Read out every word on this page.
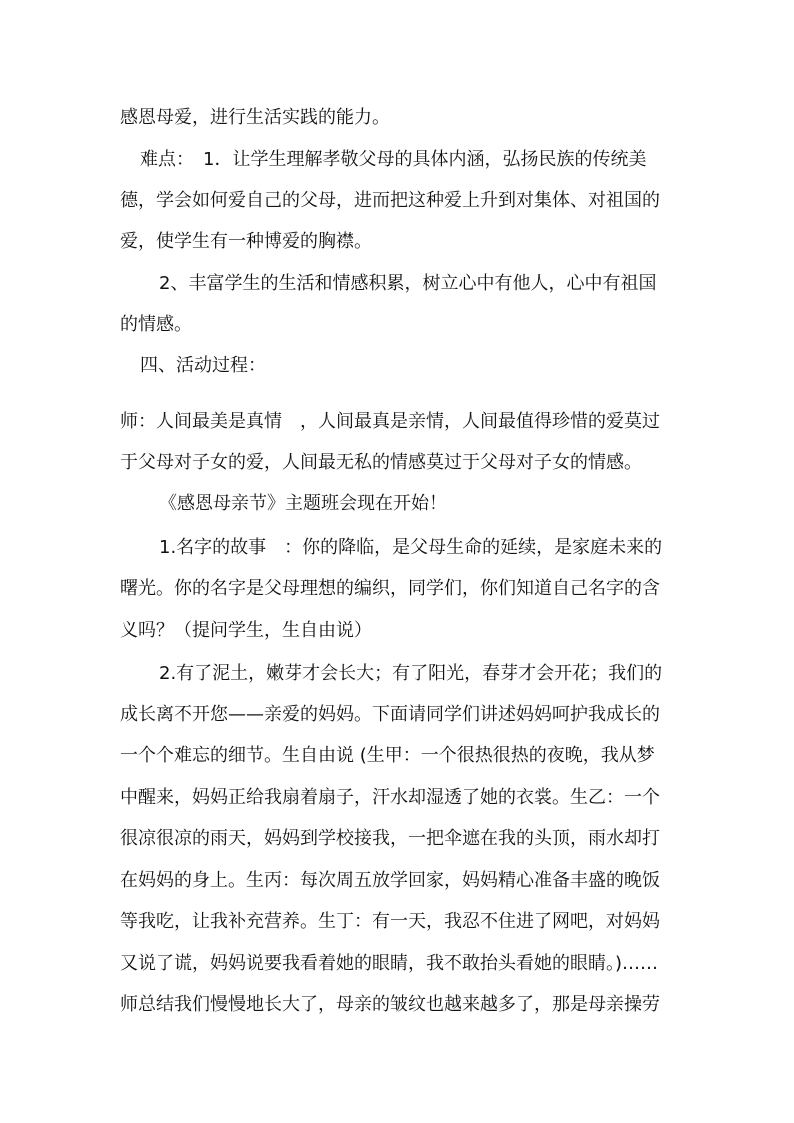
感恩母爱，进行生活实践的能力。
难点：　1．让学生理解孝敬父母的具体内涵，弘扬民族的传统美
德，学会如何爱自己的父母，进而把这种爱上升到对集体、对祖国的
爱，使学生有一种博爱的胸襟。
2、丰富学生的生活和情感积累，树立心中有他人，心中有祖国
的情感。
四、活动过程：
师：人间最美是真情　，人间最真是亲情，人间最值得珍惜的爱莫过
于父母对子女的爱，人间最无私的情感莫过于父母对子女的情感。
《感恩母亲节》主题班会现在开始！
1.名字的故事　：你的降临，是父母生命的延续，是家庭未来的
曙光。你的名字是父母理想的编织，同学们，你们知道自己名字的含
义吗？（提问学生，生自由说）
2.有了泥土，嫩芽才会长大；有了阳光，春芽才会开花；我们的
成长离不开您——亲爱的妈妈。下面请同学们讲述妈妈呵护我成长的
一个个难忘的细节。生自由说 (生甲：一个很热很热的夜晚，我从梦
中醒来，妈妈正给我扇着扇子，汗水却湿透了她的衣裳。生乙：一个
很凉很凉的雨天，妈妈到学校接我，一把伞遮在我的头顶，雨水却打
在妈妈的身上。生丙：每次周五放学回家，妈妈精心准备丰盛的晚饭
等我吃，让我补充营养。生丁：有一天，我忍不住进了网吧，对妈妈
又说了谎，妈妈说要我看着她的眼睛，我不敢抬头看她的眼睛。)……
师总结我们慢慢地长大了，母亲的皱纹也越来越多了，那是母亲操劳
